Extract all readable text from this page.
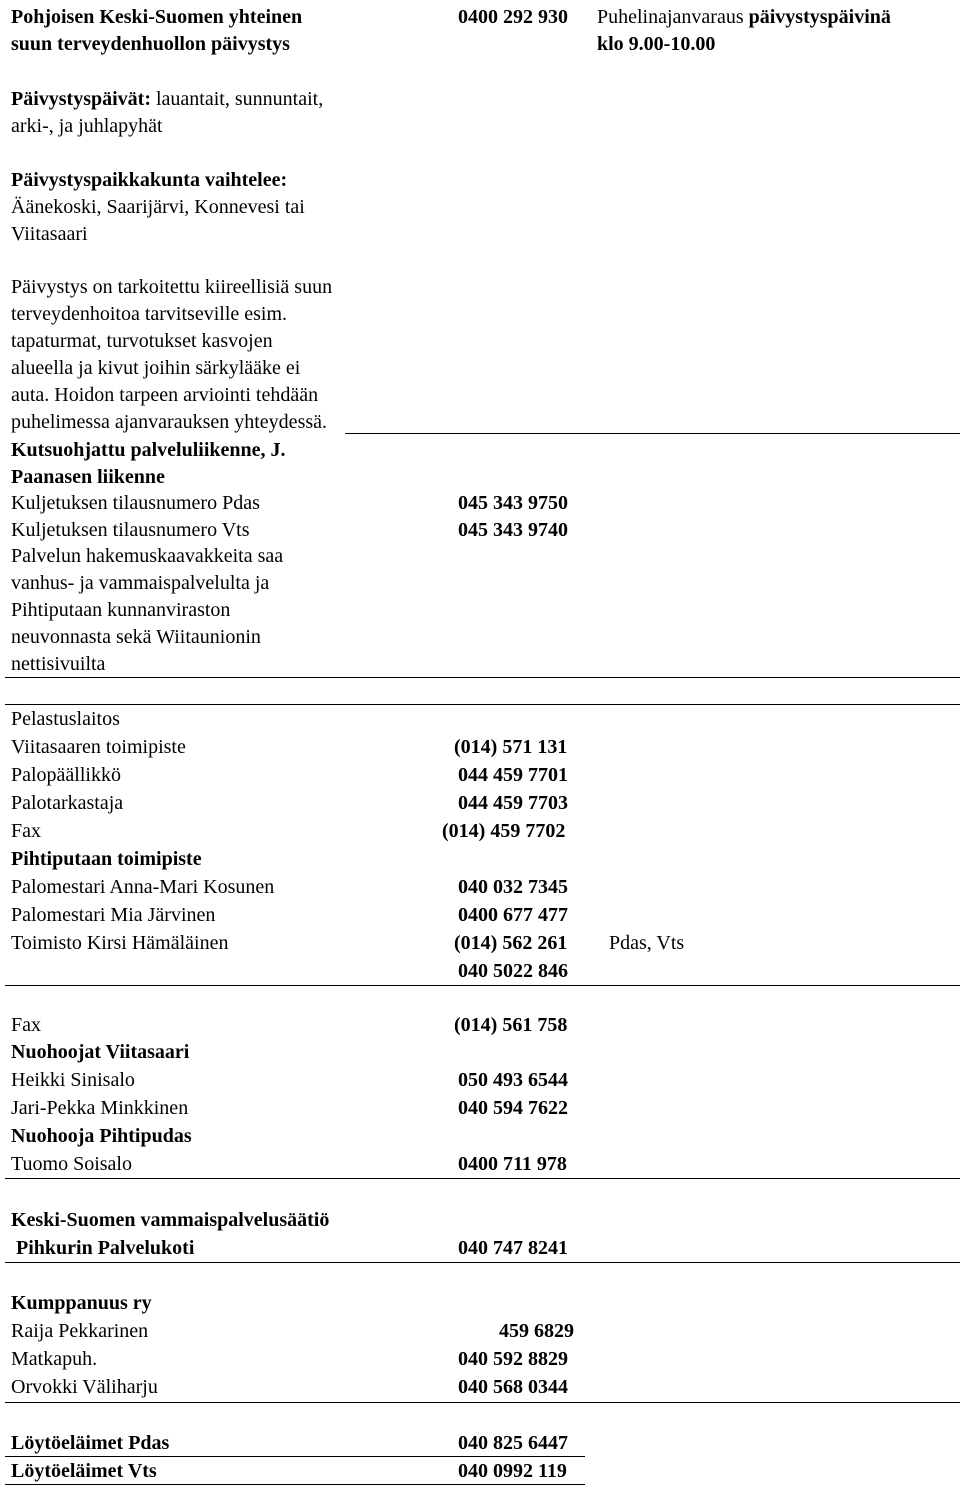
Pohjoisen Keski-Suomen yhteinen
suun terveydenhuollon päivystys
0400 292 930 Puhelinajanvaraus päivystyspäivinä
klo 9.00-10.00
Päivystyspäivät: lauantait, sunnuntait,
arki-, ja juhlapyhät
Päivystyspaikkakunta vaihtelee:
Äänekoski, Saarijärvi, Konnevesi tai
Viitasaari
Päivystys on tarkoitettu kiireellisiä suun
terveydenhoitoa tarvitseville esim.
tapaturmat, turvotukset kasvojen
alueella ja kivut joihin särkylääke ei
auta. Hoidon tarpeen arviointi tehdään
puhelimessa ajanvarauksen yhteydessä.
Kutsuohjattu palveluliikenne, J.
Paanasen liikenne
Kuljetuksen tilausnumero Pdas	045 343 9750
Kuljetuksen tilausnumero Vts	045 343 9740
Palvelun hakemuskaavakkeita saa
vanhus- ja vammaispalvelulta ja
Pihtiputaan kunnanviraston
neuvonnasta sekä Wiitaunionin
nettisivuilta
Pelastuslaitos
Viitasaaren toimipiste	(014) 571 131
Palopäällikkö	044 459 7701
Palotarkastaja	044 459 7703
Fax	(014) 459 7702
Pihtiputaan toimipiste
Palomestari Anna-Mari Kosunen	040 032 7345
Palomestari Mia Järvinen	0400 677 477
Toimisto Kirsi Hämäläinen	(014) 562 261 Pdas, Vts
040 5022 846
Fax	(014) 561 758
Nuohoojat Viitasaari
Heikki Sinisalo	050 493 6544
Jari-Pekka Minkkinen	040 594 7622
Nuohooja Pihtipudas
Tuomo Soisalo	0400 711 978
Keski-Suomen vammaispalvelusäätiö
Pihkurin Palvelukoti	040 747 8241
Kumppanuus ry
Raija Pekkarinen	459 6829
Matkapuh.	040 592 8829
Orvokki Väliharju	040 568 0344
Löytöeläimet Pdas	040 825 6447
Löytöeläimet Vts	040 0992 119
